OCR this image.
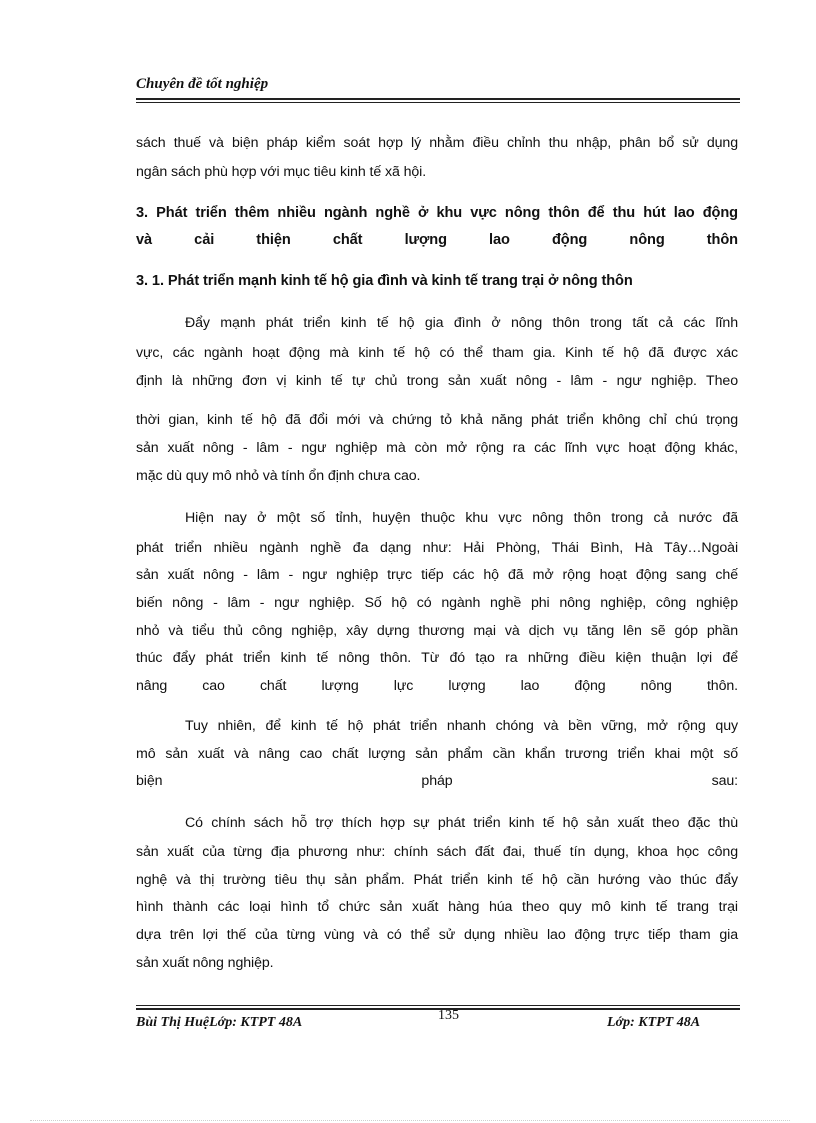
Chuyên đề tốt nghiệp
sách thuế và biện pháp kiểm soát hợp lý nhằm điều chỉnh thu nhập, phân bổ sử dụng
ngân sách phù hợp với mục tiêu kinh tế xã hội.
3. Phát triển thêm nhiều ngành nghề ở khu vực nông thôn để thu hút lao động
và cải thiện chất lượng lao động nông thôn
3. 1. Phát triển mạnh kinh tế hộ gia đình và kinh tế trang trại ở nông thôn
Đẩy mạnh phát triển kinh tế hộ gia đình ở nông thôn trong tất cả các lĩnh
vực, các ngành hoạt động mà kinh tế hộ có thể tham gia. Kinh tế hộ đã được xác
định là những đơn vị kinh tế tự chủ trong sản xuất nông - lâm - ngư nghiệp. Theo
thời gian, kinh tế hộ đã đổi mới và chứng tỏ khả năng phát triển không chỉ chú trọng
sản xuất nông - lâm - ngư nghiệp mà còn mở rộng ra các lĩnh vực hoạt động khác,
mặc dù quy mô nhỏ và tính ổn định chưa cao.
Hiện nay ở một số tỉnh, huyện thuộc khu vực nông thôn trong cả nước đã
phát triển nhiều ngành nghề đa dạng như: Hải Phòng, Thái Bình, Hà Tây…Ngoài
sản xuất nông - lâm - ngư nghiệp trực tiếp các hộ đã mở rộng hoạt động sang chế
biến nông - lâm - ngư nghiệp. Số hộ có ngành nghề phi nông nghiệp, công nghiệp
nhỏ và tiểu thủ công nghiệp, xây dựng thương mại và dịch vụ tăng lên sẽ góp phần
thúc đẩy phát triển kinh tế nông thôn. Từ đó tạo ra những điều kiện thuận lợi để
nâng cao chất lượng lực lượng lao động nông thôn.
Tuy nhiên, để kinh tế hộ phát triển nhanh chóng và bền vững, mở rộng quy
mô sản xuất và nâng cao chất lượng sản phẩm cần khẩn trương triển khai một số
biện pháp sau:
Có chính sách hỗ trợ thích hợp sự phát triển kinh tế hộ sản xuất theo đặc thù
sản xuất của từng địa phương như: chính sách đất đai, thuế tín dụng, khoa học công
nghệ và thị trường tiêu thụ sản phẩm. Phát triển kinh tế hộ cần hướng vào thúc đẩy
hình thành các loại hình tổ chức sản xuất hàng húa theo quy mô kinh tế trang trại
dựa trên lợi thế của từng vùng và có thể sử dụng nhiều lao động trực tiếp tham gia
sản xuất nông nghiệp.
Bùi Thị HuệLớp: KTPT 48A	135	Lớp: KTPT 48A
